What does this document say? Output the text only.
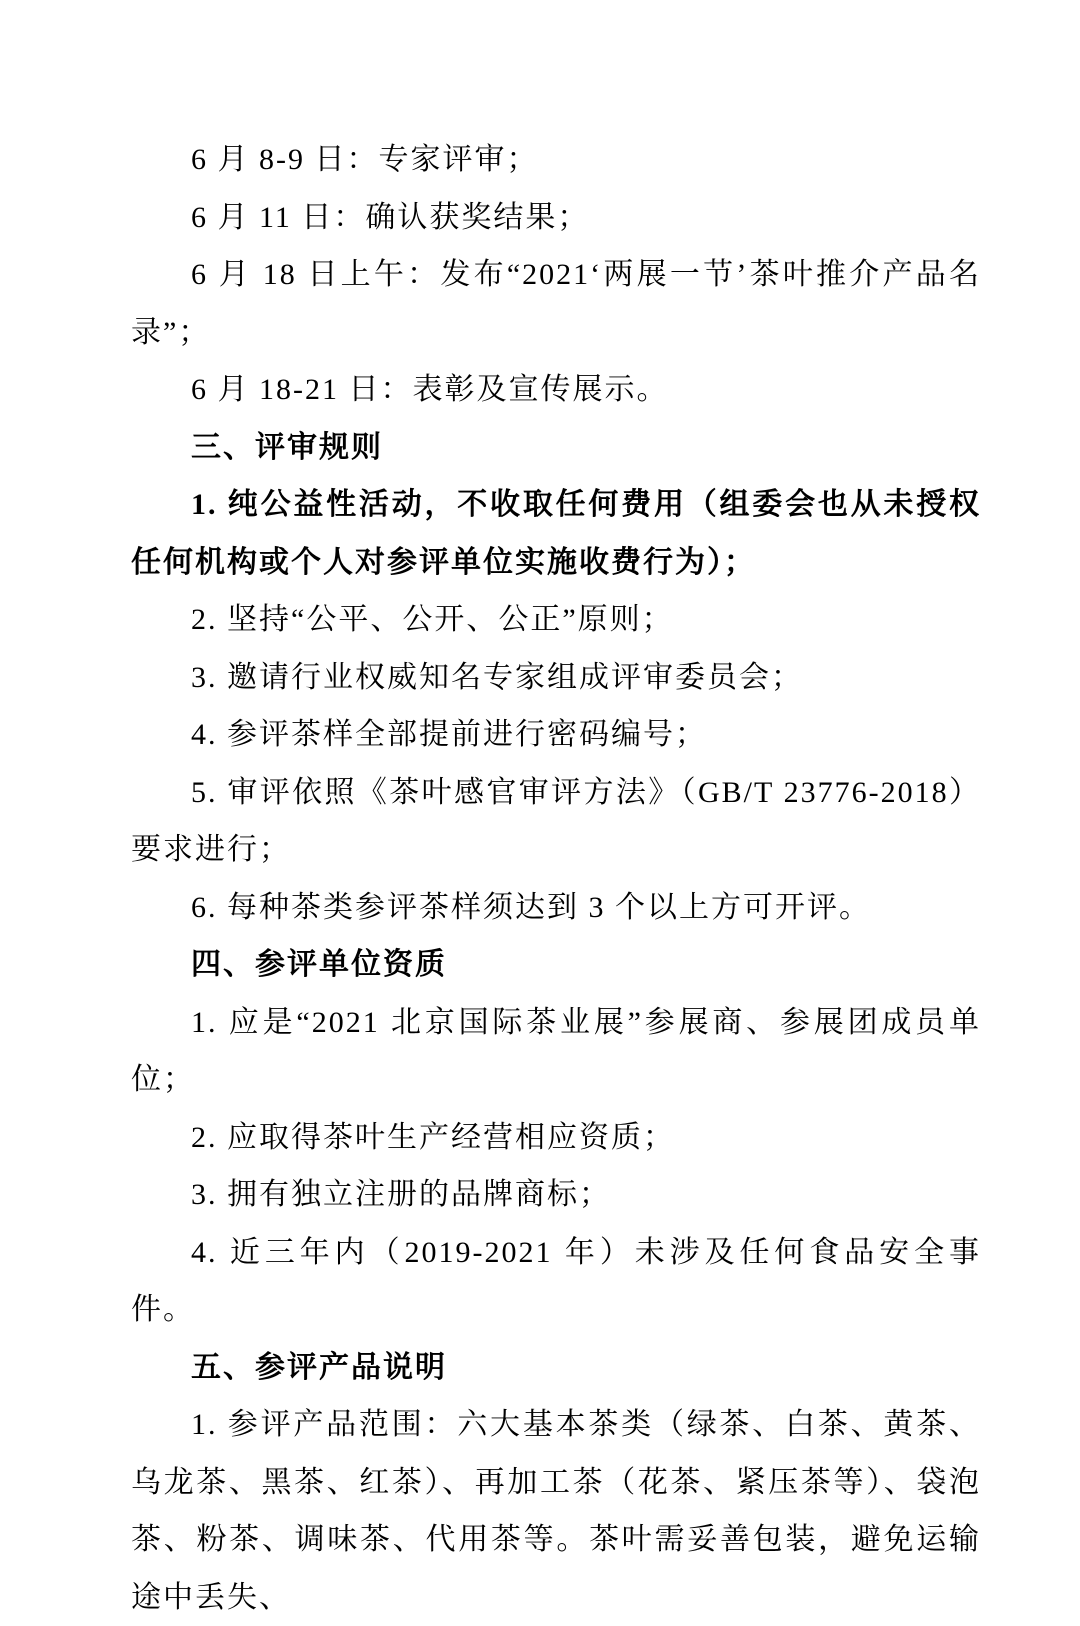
6 月 8-9 日：专家评审；

6 月 11 日：确认获奖结果；

6 月 18 日上午：发布“2021‘两展一节’茶叶推介产品名录”；

6 月 18-21 日：表彰及宣传展示。

三、评审规则

1. 纯公益性活动，不收取任何费用（组委会也从未授权任何机构或个人对参评单位实施收费行为）；

2. 坚持“公平、公开、公正”原则；

3. 邀请行业权威知名专家组成评审委员会；

4. 参评茶样全部提前进行密码编号；

5. 审评依照《茶叶感官审评方法》（GB/T 23776-2018）要求进行；

6. 每种茶类参评茶样须达到 3 个以上方可开评。

四、参评单位资质

1. 应是“2021 北京国际茶业展”参展商、参展团成员单位；

2. 应取得茶叶生产经营相应资质；

3. 拥有独立注册的品牌商标；

4. 近三年内（2019-2021 年）未涉及任何食品安全事件。

五、参评产品说明

1. 参评产品范围：六大基本茶类（绿茶、白茶、黄茶、乌龙茶、黑茶、红茶）、再加工茶（花茶、紧压茶等）、袋泡茶、粉茶、调味茶、代用茶等。茶叶需妥善包装，避免运输途中丢失、
